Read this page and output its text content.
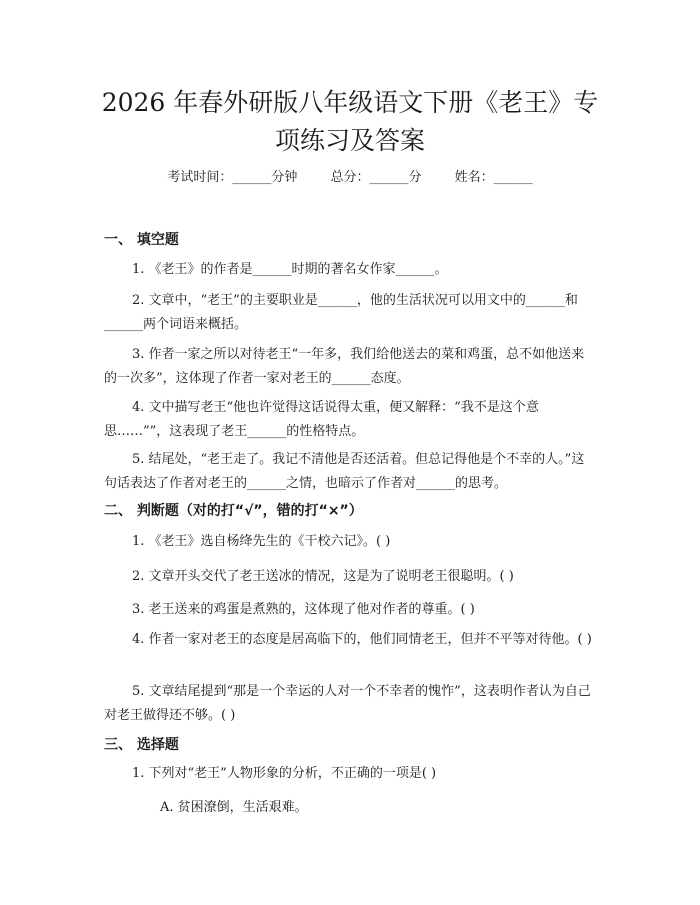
2026 年春外研版八年级语文下册《老王》专
项练习及答案
考试时间：______分钟	总分：______分	姓名：______
一、 填空题

1. 《老王》的作者是______时期的著名女作家______。

2. 文章中，“老王”的主要职业是______，他的生活状况可以用文中的______和______两个词语来概括。

3. 作者一家之所以对待老王“一年多，我们给他送去的菜和鸡蛋，总不如他送来的一次多”，这体现了作者一家对老王的______态度。

4. 文中描写老王“他也许觉得这话说得太重，便又解释：“我不是这个意思……””，这表现了老王______的性格特点。

5. 结尾处，“老王走了。我记不清他是否还活着。但总记得他是个不幸的人。”这句话表达了作者对老王的______之情，也暗示了作者对______的思考。

二、 判断题（对的打“√”，错的打“×”）

1. 《老王》选自杨绛先生的《干校六记》。( )

2. 文章开头交代了老王送冰的情况，这是为了说明老王很聪明。( )

3. 老王送来的鸡蛋是煮熟的，这体现了他对作者的尊重。( )

4. 作者一家对老王的态度是居高临下的，他们同情老王，但并不平等对待他。( )

5. 文章结尾提到“那是一个幸运的人对一个不幸者的愧怍”，这表明作者认为自己对老王做得还不够。( )

三、 选择题

1. 下列对“老王”人物形象的分析，不正确的一项是( )

A. 贫困潦倒，生活艰难。
